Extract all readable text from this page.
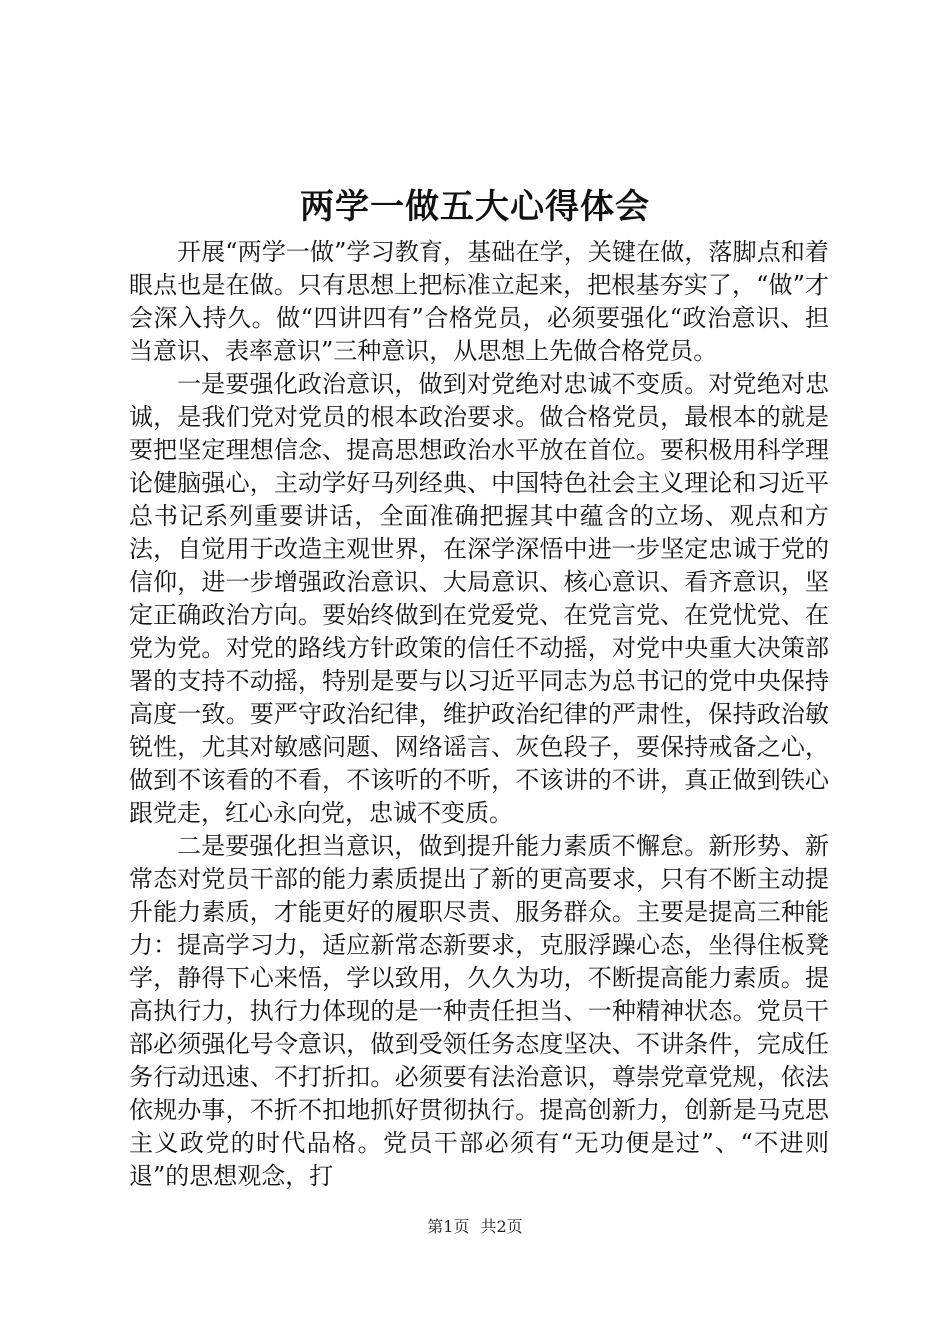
两学一做五大心得体会

开展“两学一做”学习教育，基础在学，关键在做，落脚点和着眼点也是在做。只有思想上把标准立起来，把根基夯实了，“做”才会深入持久。做“四讲四有”合格党员，必须要强化“政治意识、担当意识、表率意识”三种意识，从思想上先做合格党员。

一是要强化政治意识，做到对党绝对忠诚不变质。对党绝对忠诚，是我们党对党员的根本政治要求。做合格党员，最根本的就是要把坚定理想信念、提高思想政治水平放在首位。要积极用科学理论健脑强心，主动学好马列经典、中国特色社会主义理论和习近平总书记系列重要讲话，全面准确把握其中蕴含的立场、观点和方法，自觉用于改造主观世界，在深学深悟中进一步坚定忠诚于党的信仰，进一步增强政治意识、大局意识、核心意识、看齐意识，坚定正确政治方向。要始终做到在党爱党、在党言党、在党忧党、在党为党。对党的路线方针政策的信任不动摇，对党中央重大决策部署的支持不动摇，特别是要与以习近平同志为总书记的党中央保持高度一致。要严守政治纪律，维护政治纪律的严肃性，保持政治敏锐性，尤其对敏感问题、网络谣言、灰色段子，要保持戒备之心，做到不该看的不看，不该听的不听，不该讲的不讲，真正做到铁心跟党走，红心永向党，忠诚不变质。

二是要强化担当意识，做到提升能力素质不懈怠。新形势、新常态对党员干部的能力素质提出了新的更高要求，只有不断主动提升能力素质，才能更好的履职尽责、服务群众。主要是提高三种能力：提高学习力，适应新常态新要求，克服浮躁心态，坐得住板凳学，静得下心来悟，学以致用，久久为功，不断提高能力素质。提高执行力，执行力体现的是一种责任担当、一种精神状态。党员干部必须强化号令意识，做到受领任务态度坚决、不讲条件，完成任务行动迅速、不打折扣。必须要有法治意识，尊崇党章党规，依法依规办事，不折不扣地抓好贯彻执行。提高创新力，创新是马克思主义政党的时代品格。党员干部必须有“无功便是过”、“不进则退”的思想观念，打

第1页 共2页
